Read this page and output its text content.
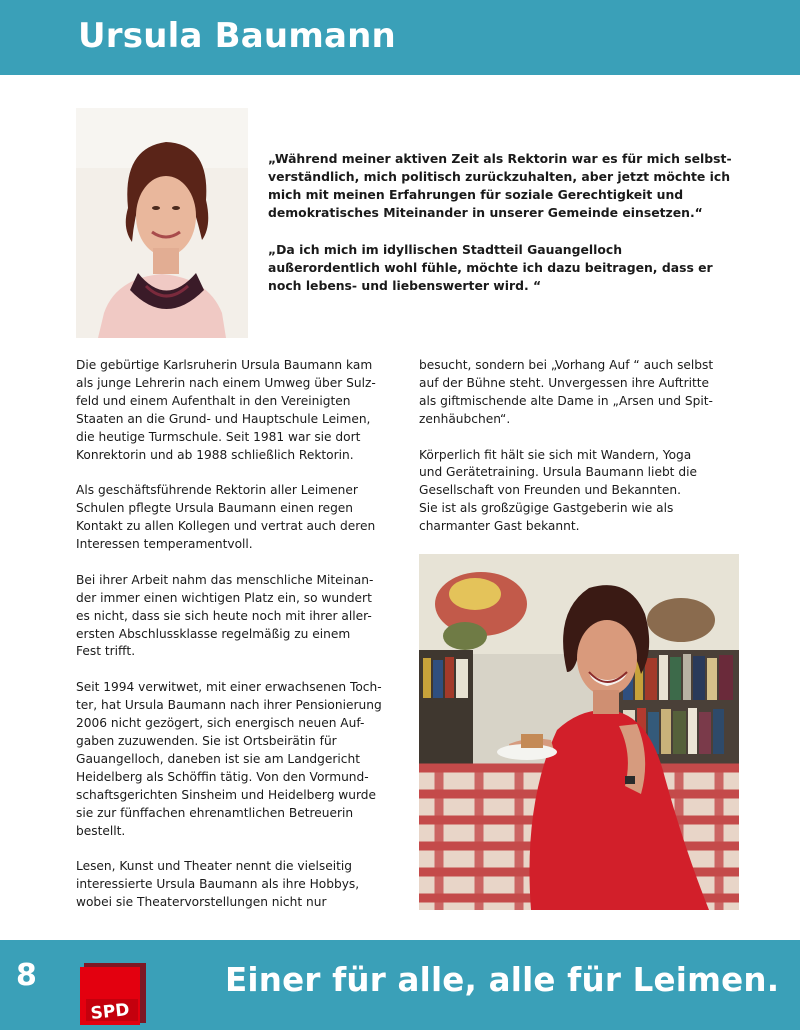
Ursula Baumann

„Während meiner aktiven Zeit als Rektorin war es für mich selbst-verständlich, mich politisch zurückzuhalten, aber jetzt möchte ich mich mit meinen Erfahrungen für soziale Gerechtigkeit und demokratisches Miteinander in unserer Gemeinde einsetzen.“

„Da ich mich im idyllischen Stadtteil Gauangelloch außerordentlich wohl fühle, möchte ich dazu beitragen, dass er noch lebens- und liebenswerter wird. “

Die gebürtige Karlsruherin Ursula Baumann kam
als junge Lehrerin nach einem Umweg über Sulz-
feld und einem Aufenthalt in den Vereinigten
Staaten an die Grund- und Hauptschule Leimen,
die heutige Turmschule. Seit 1981 war sie dort
Konrektorin und ab 1988 schließlich Rektorin.

Als geschäftsführende Rektorin aller Leimener
Schulen pflegte Ursula Baumann einen regen
Kontakt zu allen Kollegen und vertrat auch deren
Interessen temperamentvoll.

Bei ihrer Arbeit nahm das menschliche Miteinan-
der immer einen wichtigen Platz ein, so wundert
es nicht, dass sie sich heute noch mit ihrer aller-
ersten Abschlussklasse regelmäßig zu einem
Fest trifft.

Seit 1994 verwitwet, mit einer erwachsenen Toch-
ter, hat Ursula Baumann nach ihrer Pensionierung
2006 nicht gezögert, sich energisch neuen Auf-
gaben zuzuwenden. Sie ist Ortsbeirätin für
Gauangelloch, daneben ist sie am Landgericht
Heidelberg als Schöffin tätig. Von den Vormund-
schaftsgerichten Sinsheim und Heidelberg wurde
sie zur fünffachen ehrenamtlichen Betreuerin
bestellt.

Lesen, Kunst und Theater nennt die vielseitig
interessierte Ursula Baumann als ihre Hobbys,
wobei sie Theatervorstellungen nicht nur

besucht, sondern bei „Vorhang Auf “ auch selbst
auf der Bühne steht. Unvergessen ihre Auftritte
als giftmischende alte Dame in „Arsen und Spit-
zenhäubchen“.

Körperlich fit hält sie sich mit Wandern, Yoga
und Gerätetraining. Ursula Baumann liebt die
Gesellschaft von Freunden und Bekannten.
Sie ist als großzügige Gastgeberin wie als
charmanter Gast bekannt.

8
SPD
Einer für alle, alle für Leimen.
